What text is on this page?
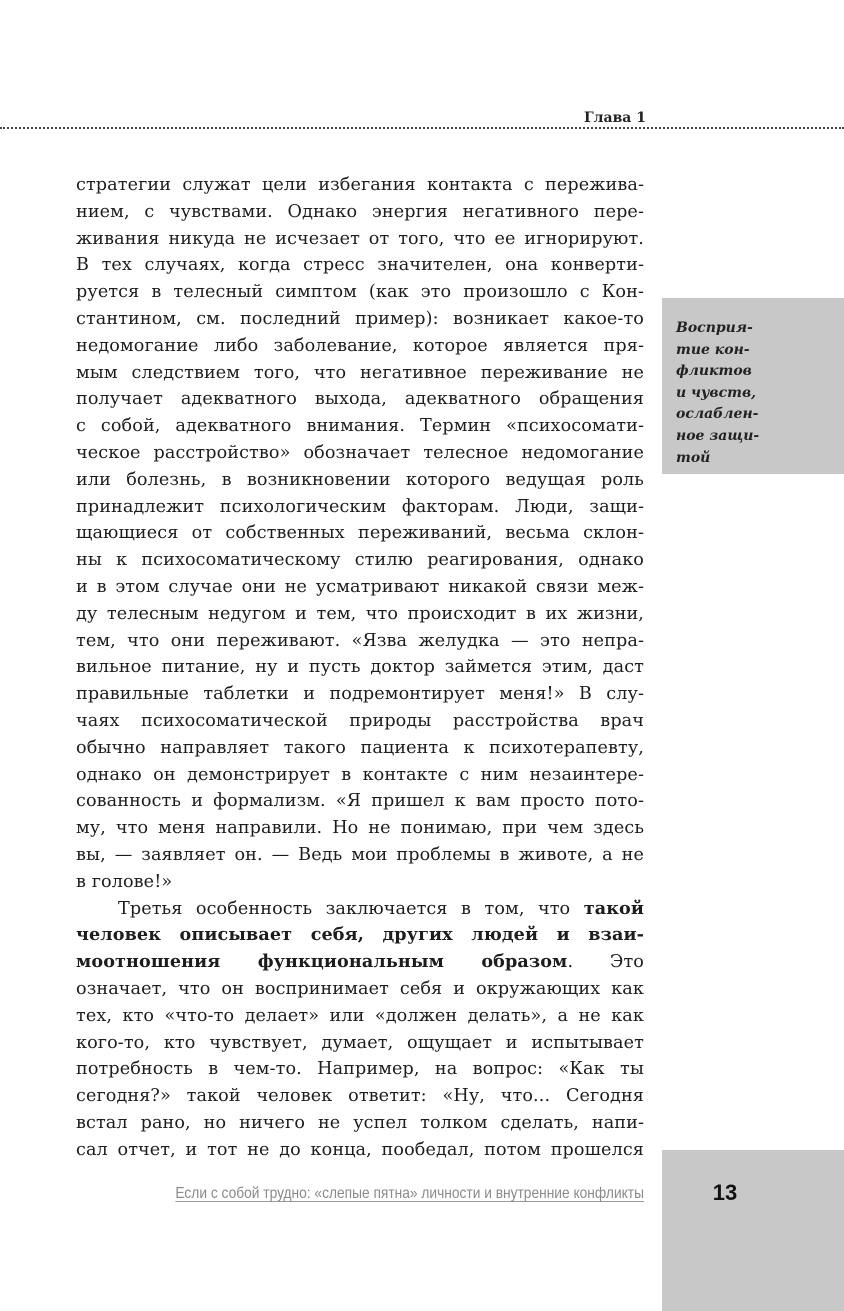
Глава 1
Восприя-
тие кон-
фликтов
и чувств,
ослаблен-
ное защи-
той
стратегии служат цели избегания контакта с пережива-
нием, с чувствами. Однако энергия негативного пере-
живания никуда не исчезает от того, что ее игнорируют.
В тех случаях, когда стресс значителен, она конверти-
руется в телесный симптом (как это произошло с Кон-
стантином, см. последний пример): возникает какое-то
недомогание либо заболевание, которое является пря-
мым следствием того, что негативное переживание не
получает адекватного выхода, адекватного обращения
с собой, адекватного внимания. Термин «психосомати-
ческое расстройство» обозначает телесное недомогание
или болезнь, в возникновении которого ведущая роль
принадлежит психологическим факторам. Люди, защи-
щающиеся от собственных переживаний, весьма склон-
ны к психосоматическому стилю реагирования, однако
и в этом случае они не усматривают никакой связи меж-
ду телесным недугом и тем, что происходит в их жизни,
тем, что они переживают. «Язва желудка — это непра-
вильное питание, ну и пусть доктор займется этим, даст
правильные таблетки и подремонтирует меня!» В слу-
чаях психосоматической природы расстройства врач
обычно направляет такого пациента к психотерапевту,
однако он демонстрирует в контакте с ним незаинтере-
сованность и формализм. «Я пришел к вам просто пото-
му, что меня направили. Но не понимаю, при чем здесь
вы, — заявляет он. — Ведь мои проблемы в животе, а не
в голове!»
Третья особенность заключается в том, что такой
человек описывает себя, других людей и взаи-
моотношения функциональным образом. Это
означает, что он воспринимает себя и окружающих как
тех, кто «что-то делает» или «должен делать», а не как
кого-то, кто чувствует, думает, ощущает и испытывает
потребность в чем-то. Например, на вопрос: «Как ты
сегодня?» такой человек ответит: «Ну, что... Сегодня
встал рано, но ничего не успел толком сделать, напи-
сал отчет, и тот не до конца, пообедал, потом прошелся
Если с собой трудно: «слепые пятна» личности и внутренние конфликты	13
